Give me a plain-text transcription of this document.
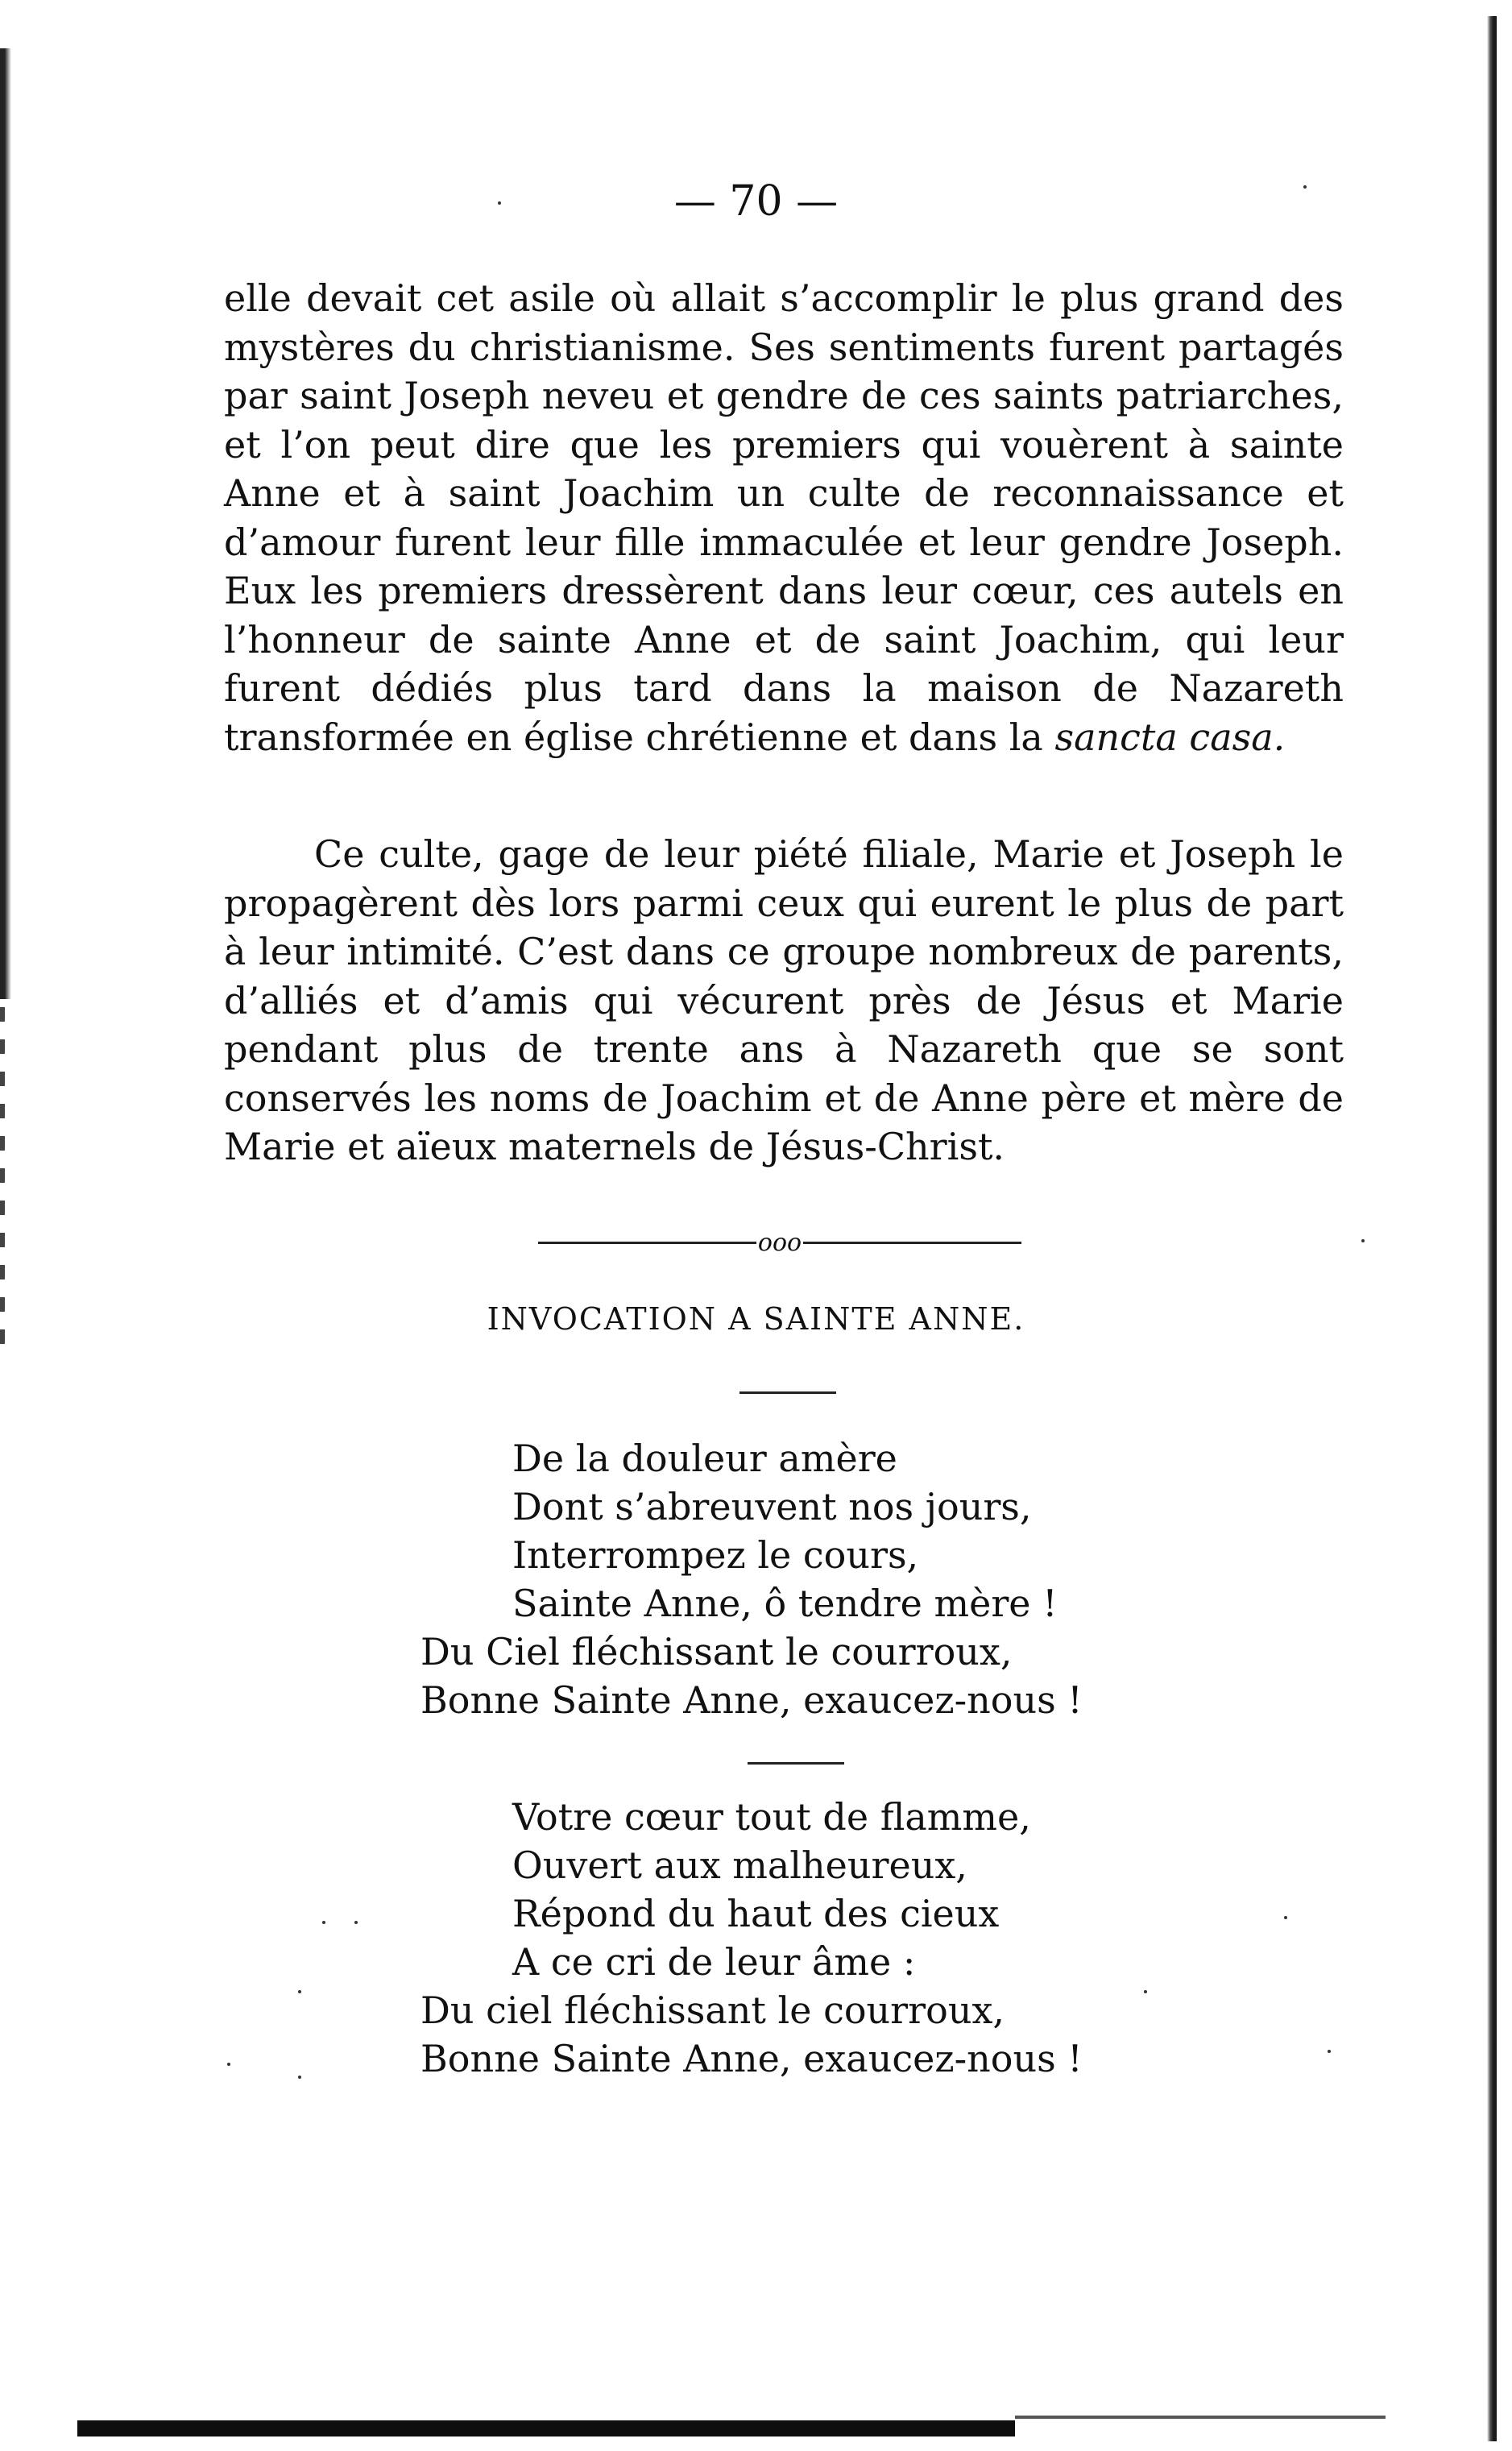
— 70 —

elle devait cet asile où allait s’accomplir le plus grand des mystères du christianisme. Ses sentiments furent partagés par saint Joseph neveu et gendre de ces saints patriarches, et l’on peut dire que les premiers qui vouèrent à sainte Anne et à saint Joachim un culte de reconnaissance et d’amour furent leur fille immaculée et leur gendre Joseph. Eux les premiers dressèrent dans leur cœur, ces autels en l’honneur de sainte Anne et de saint Joachim, qui leur furent dédiés plus tard dans la maison de Nazareth transformée en église chrétienne et dans la sancta casa.

Ce culte, gage de leur piété filiale, Marie et Joseph le propagèrent dès lors parmi ceux qui eurent le plus de part à leur intimité. C’est dans ce groupe nombreux de parents, d’alliés et d’amis qui vécurent près de Jésus et Marie pendant plus de trente ans à Nazareth que se sont conservés les noms de Joachim et de Anne père et mère de Marie et aïeux maternels de Jésus-Christ.

ooo
INVOCATION A SAINTE ANNE.
De la douleur amère
Dont s’abreuvent nos jours,
Interrompez le cours,
Sainte Anne, ô tendre mère !
Du Ciel fléchissant le courroux,
Bonne Sainte Anne, exaucez-nous !
Votre cœur tout de flamme,
Ouvert aux malheureux,
Répond du haut des cieux
A ce cri de leur âme :
Du ciel fléchissant le courroux,
Bonne Sainte Anne, exaucez-nous !
